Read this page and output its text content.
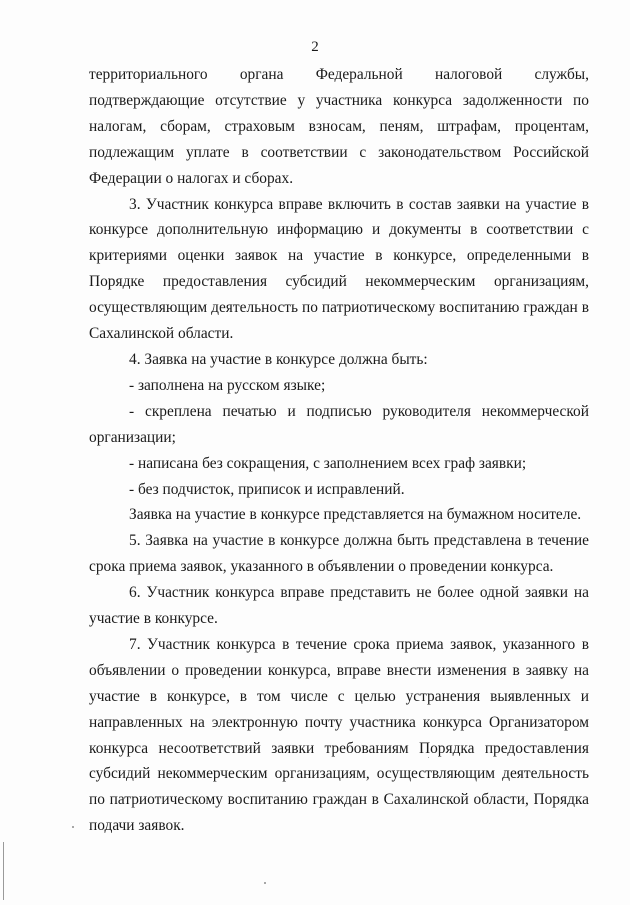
2

территориального органа Федеральной налоговой службы, подтверждающие отсутствие у участника конкурса задолженности по налогам, сборам, страховым взносам, пеням, штрафам, процентам, подлежащим уплате в соответствии с законодательством Российской Федерации о налогах и сборах.

3. Участник конкурса вправе включить в состав заявки на участие в конкурсе дополнительную информацию и документы в соответствии с критериями оценки заявок на участие в конкурсе, определенными в Порядке предоставления субсидий некоммерческим организациям, осуществляющим деятельность по патриотическому воспитанию граждан в Сахалинской области.

4. Заявка на участие в конкурсе должна быть:

- заполнена на русском языке;

- скреплена печатью и подписью руководителя некоммерческой организации;

- написана без сокращения, с заполнением всех граф заявки;

- без подчисток, приписок и исправлений.

Заявка на участие в конкурсе представляется на бумажном носителе.

5. Заявка на участие в конкурсе должна быть представлена в течение срока приема заявок, указанного в объявлении о проведении конкурса.

6. Участник конкурса вправе представить не более одной заявки на участие в конкурсе.

7. Участник конкурса в течение срока приема заявок, указанного в объявлении о проведении конкурса, вправе внести изменения в заявку на участие в конкурсе, в том числе с целью устранения выявленных и направленных на электронную почту участника конкурса Организатором конкурса несоответствий заявки требованиям Порядка предоставления субсидий некоммерческим организациям, осуществляющим деятельность по патриотическому воспитанию граждан в Сахалинской области, Порядка подачи заявок.
